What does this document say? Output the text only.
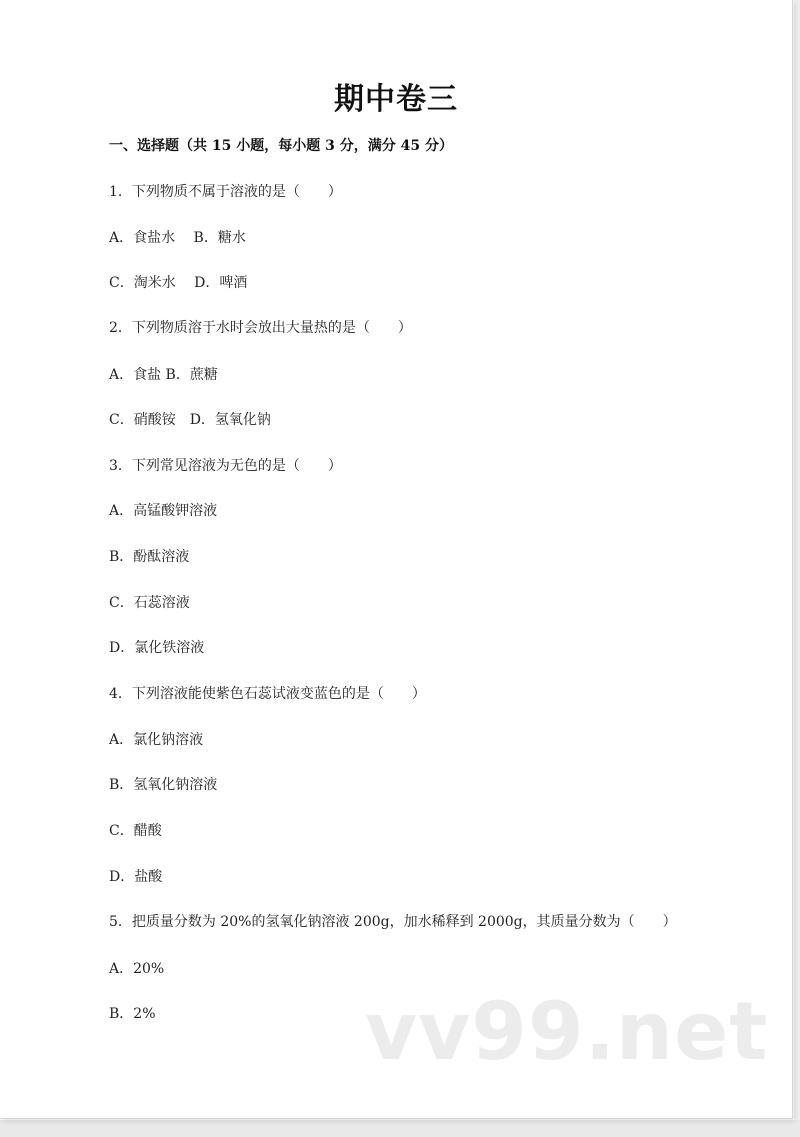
期中卷三
一、选择题（共 15 小题，每小题 3 分，满分 45 分）
1．下列物质不属于溶液的是（　　）
A．食盐水　 B．糖水
C．淘米水　 D．啤酒
2．下列物质溶于水时会放出大量热的是（　　）
A．食盐 B．蔗糖
C．硝酸铵　D．氢氧化钠
3．下列常见溶液为无色的是（　　）
A．高锰酸钾溶液
B．酚酞溶液
C．石蕊溶液
D．氯化铁溶液
4．下列溶液能使紫色石蕊试液变蓝色的是（　　）
A．氯化钠溶液
B．氢氧化钠溶液
C．醋酸
D．盐酸
5．把质量分数为 20%的氢氧化钠溶液 200g，加水稀释到 2000g，其质量分数为（　　）
A．20%
B．2%	vv99.net
